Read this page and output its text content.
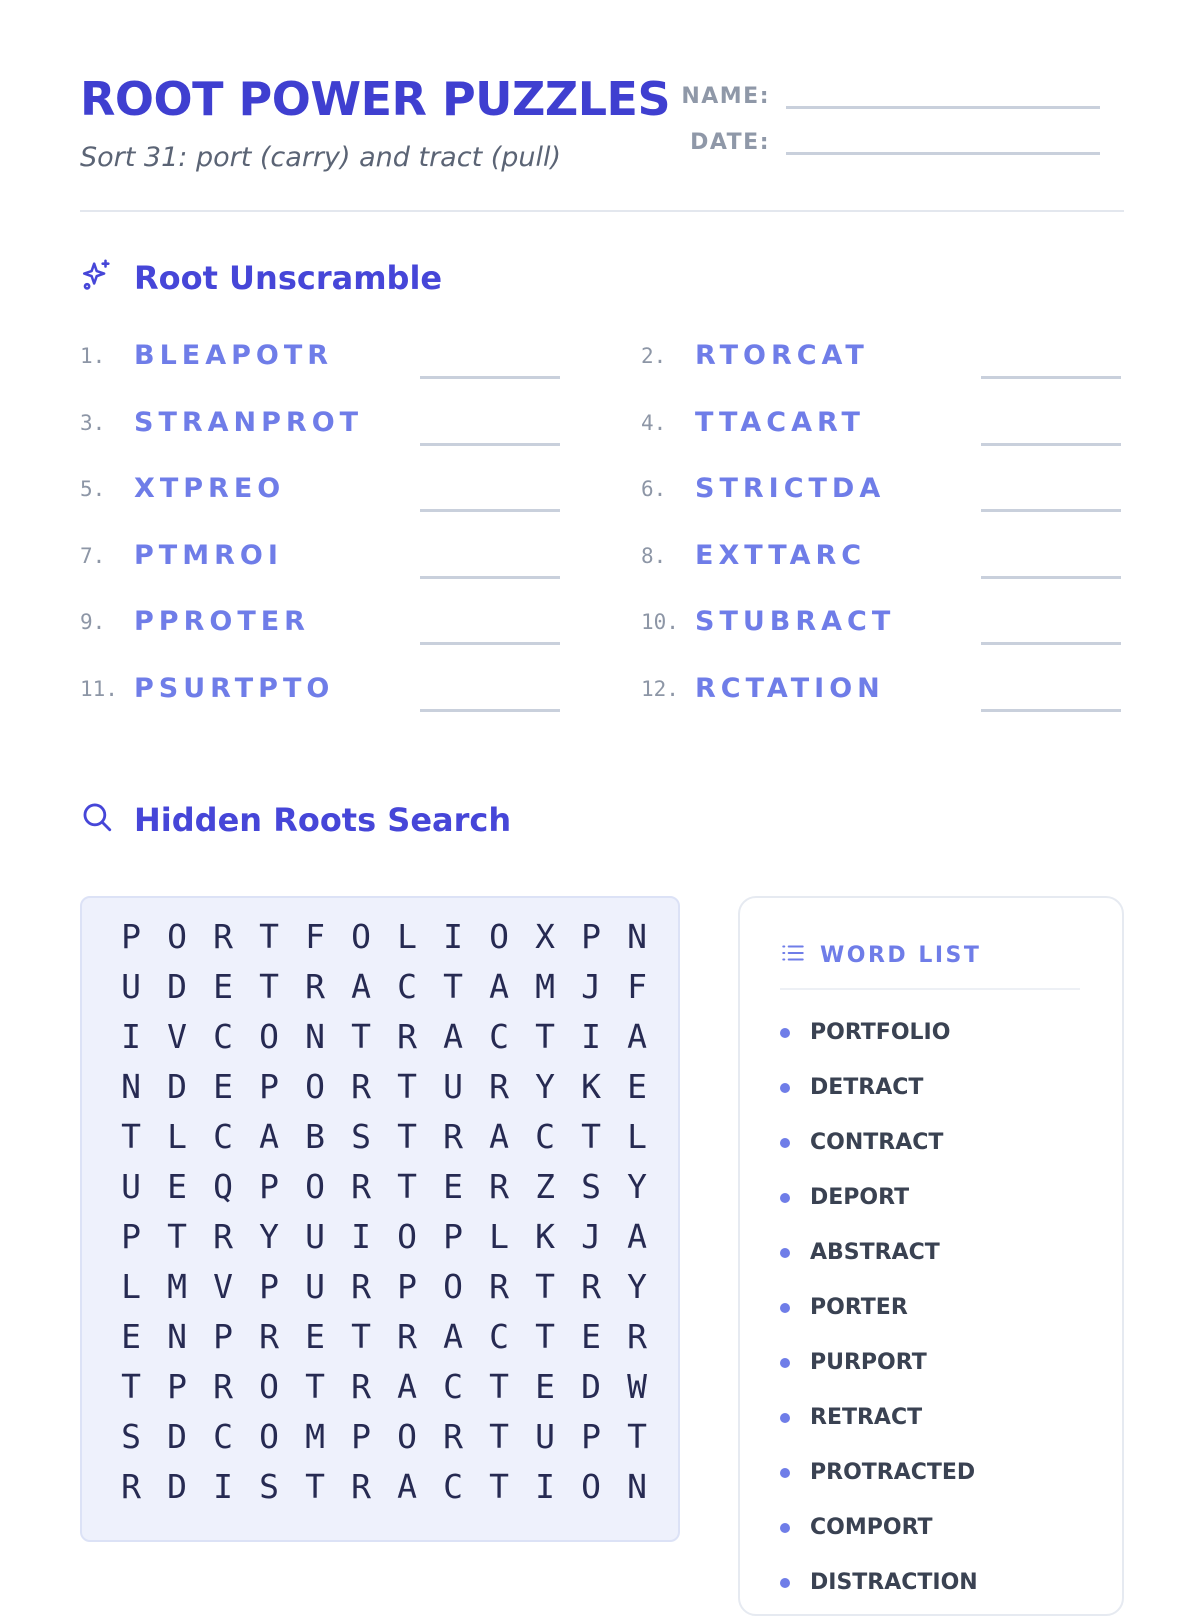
ROOT POWER PUZZLES
Sort 31: port (carry) and tract (pull)
NAME:
DATE:
Root Unscramble
1. BLEAPOTR	2. RTORCAT
3. STRANPROT	4. TTACART
5. XTPREO	6. STRICTDA
7. PTMROI	8. EXTTARC
9. PPROTER	10. STUBRACT
11. PSURTPTO	12. RCTATION
Hidden Roots Search
P O R T F O L I O X P N
U D E T R A C T A M J F
I V C O N T R A C T I A
N D E P O R T U R Y K E
T L C A B S T R A C T L
U E Q P O R T E R Z S Y
P T R Y U I O P L K J A
L M V P U R P O R T R Y
E N P R E T R A C T E R
T P R O T R A C T E D W
S D C O M P O R T U P T
R D I S T R A C T I O N
WORD LIST
PORTFOLIO
DETRACT
CONTRACT
DEPORT
ABSTRACT
PORTER
PURPORT
RETRACT
PROTRACTED
COMPORT
DISTRACTION
